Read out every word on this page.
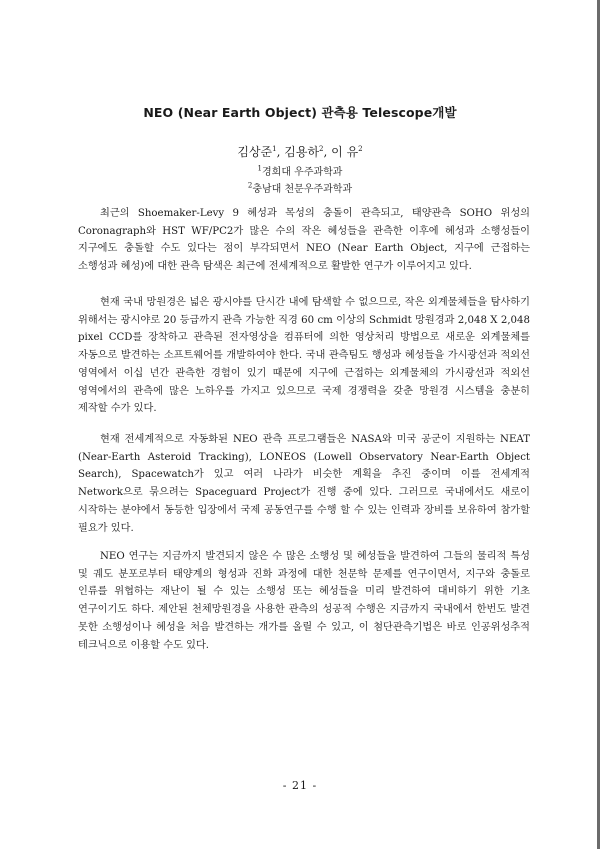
NEO (Near Earth Object) 관측용 Telescope개발
김상준$^1$, 김용하$^2$, 이 유$^2$
$^1$경희대 우주과학과
$^2$충남대 천문우주과학과

최근의 Shoemaker-Levy 9 혜성과 목성의 충돌이 관측되고, 태양관측 SOHO 위성의 Coronagraph와 HST WF/PC2가 많은 수의 작은 혜성들을 관측한 이후에 혜성과 소행성들이 지구에도 충돌할 수도 있다는 점이 부각되면서 NEO (Near Earth Object, 지구에 근접하는 소행성과 혜성)에 대한 관측 탐색은 최근에 전세계적으로 활발한 연구가 이루어지고 있다.

현재 국내 망원경은 넓은 광시야를 단시간 내에 탐색할 수 없으므로, 작은 외계물체들을 탐사하기 위해서는 광시야로 20 등급까지 관측 가능한 직경 60 cm 이상의 Schmidt 망원경과 2,048 X 2,048 pixel CCD를 장착하고 관측된 전자영상을 컴퓨터에 의한 영상처리 방법으로 새로운 외계물체를 자동으로 발견하는 소프트웨어를 개발하여야 한다. 국내 관측팀도 행성과 혜성들을 가시광선과 적외선 영역에서 이십 년간 관측한 경험이 있기 때문에 지구에 근접하는 외계물체의 가시광선과 적외선 영역에서의 관측에 많은 노하우를 가지고 있으므로 국제 경쟁력을 갖춘 망원경 시스템을 충분히 제작할 수가 있다.

현재 전세계적으로 자동화된 NEO 관측 프로그램들은 NASA와 미국 공군이 지원하는 NEAT (Near-Earth Asteroid Tracking), LONEOS (Lowell Observatory Near-Earth Object Search), Spacewatch가 있고 여러 나라가 비슷한 계획을 추진 중이며 이를 전세계적 Network으로 묶으려는 Spaceguard Project가 진행 중에 있다. 그러므로 국내에서도 새로이 시작하는 분야에서 동등한 입장에서 국제 공동연구를 수행 할 수 있는 인력과 장비를 보유하여 참가할 필요가 있다.

NEO 연구는 지금까지 발견되지 않은 수 많은 소행성 및 혜성들을 발견하여 그들의 물리적 특성 및 궤도 분포로부터 태양계의 형성과 진화 과정에 대한 천문학 문제를 연구이면서, 지구와 충돌로 인류를 위협하는 재난이 될 수 있는 소행성 또는 혜성들을 미리 발견하여 대비하기 위한 기초 연구이기도 하다. 제안된 천체망원경을 사용한 관측의 성공적 수행은 지금까지 국내에서 한번도 발견 못한 소행성이나 혜성을 처음 발견하는 개가를 올릴 수 있고, 이 첨단관측기법은 바로 인공위성추적 테크닉으로 이용할 수도 있다.

- 21 -
